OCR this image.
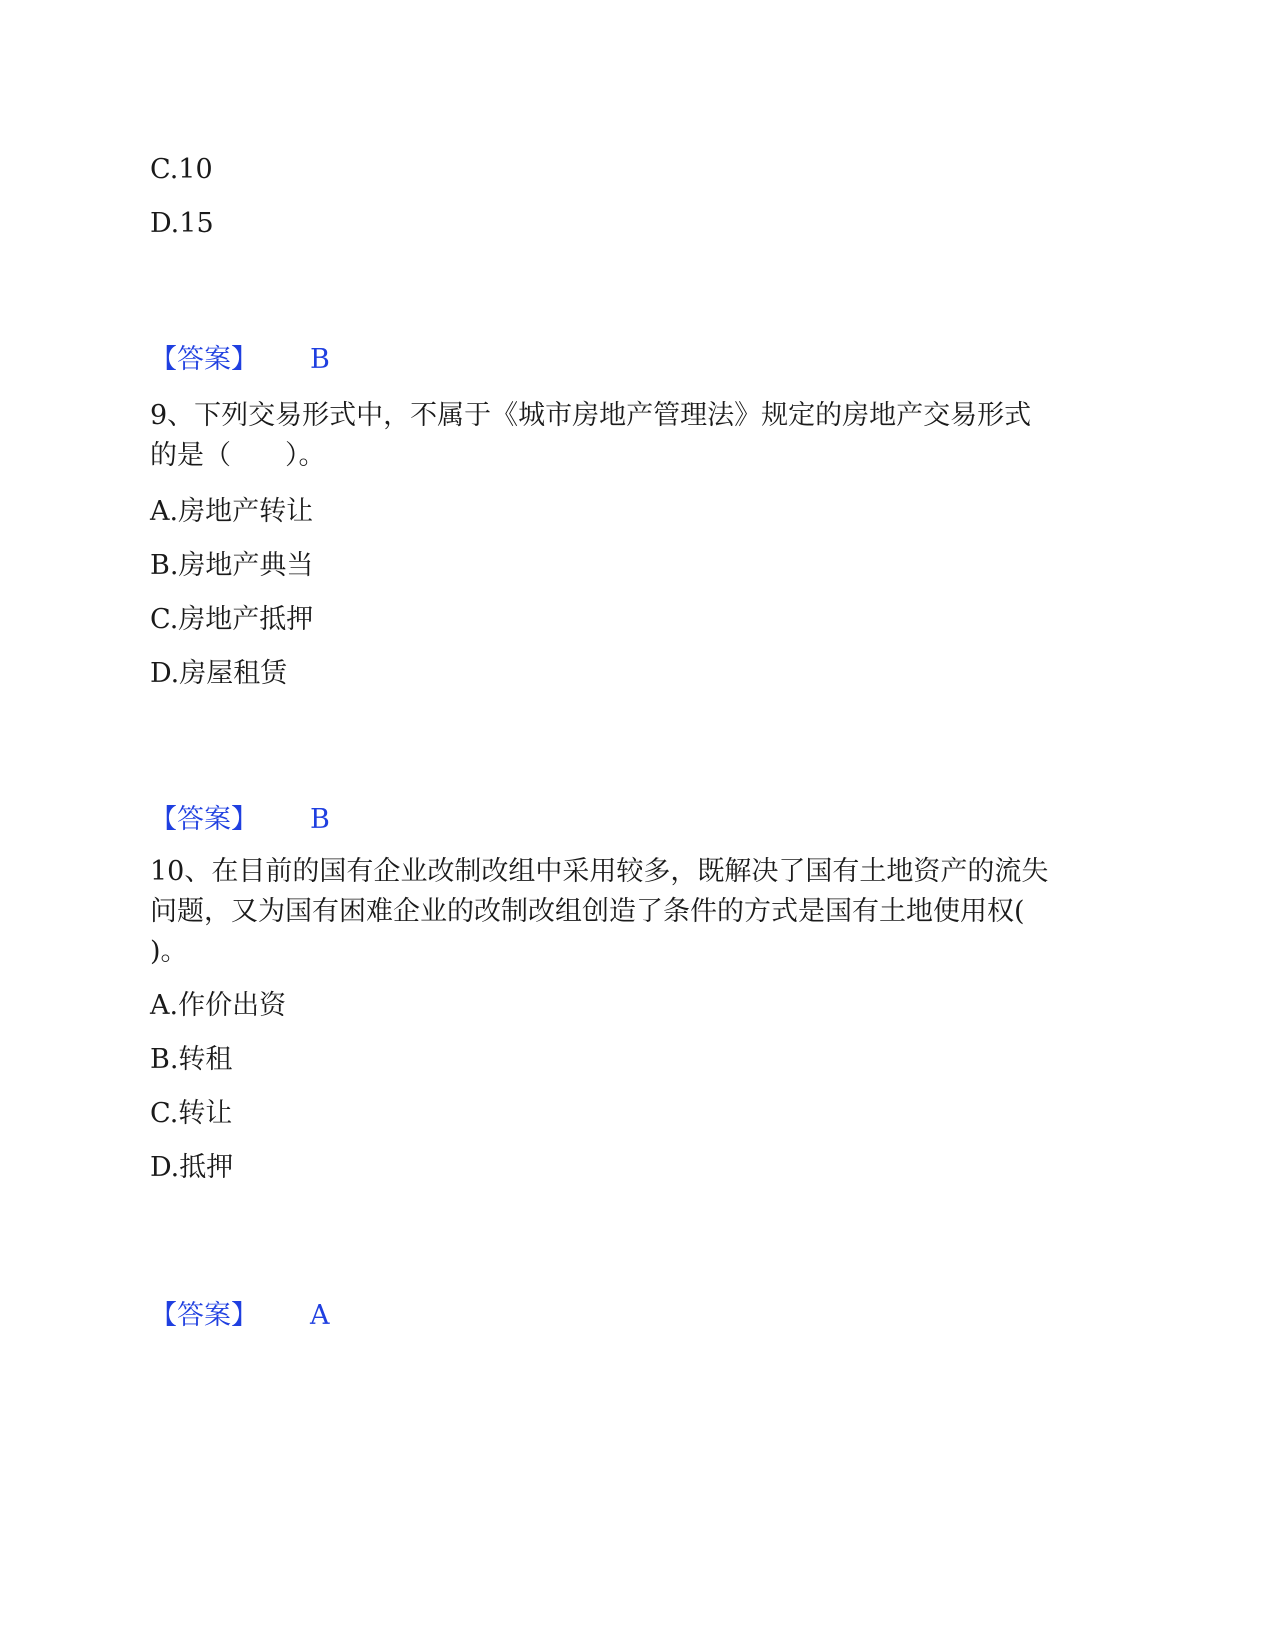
C.10
D.15
【答案】 B
9、下列交易形式中，不属于《城市房地产管理法》规定的房地产交易形式
的是（　　）。
A.房地产转让
B.房地产典当
C.房地产抵押
D.房屋租赁
【答案】 B
10、在目前的国有企业改制改组中采用较多，既解决了国有土地资产的流失
问题，又为国有困难企业的改制改组创造了条件的方式是国有土地使用权(
)。
A.作价出资
B.转租
C.转让
D.抵押
【答案】 A
